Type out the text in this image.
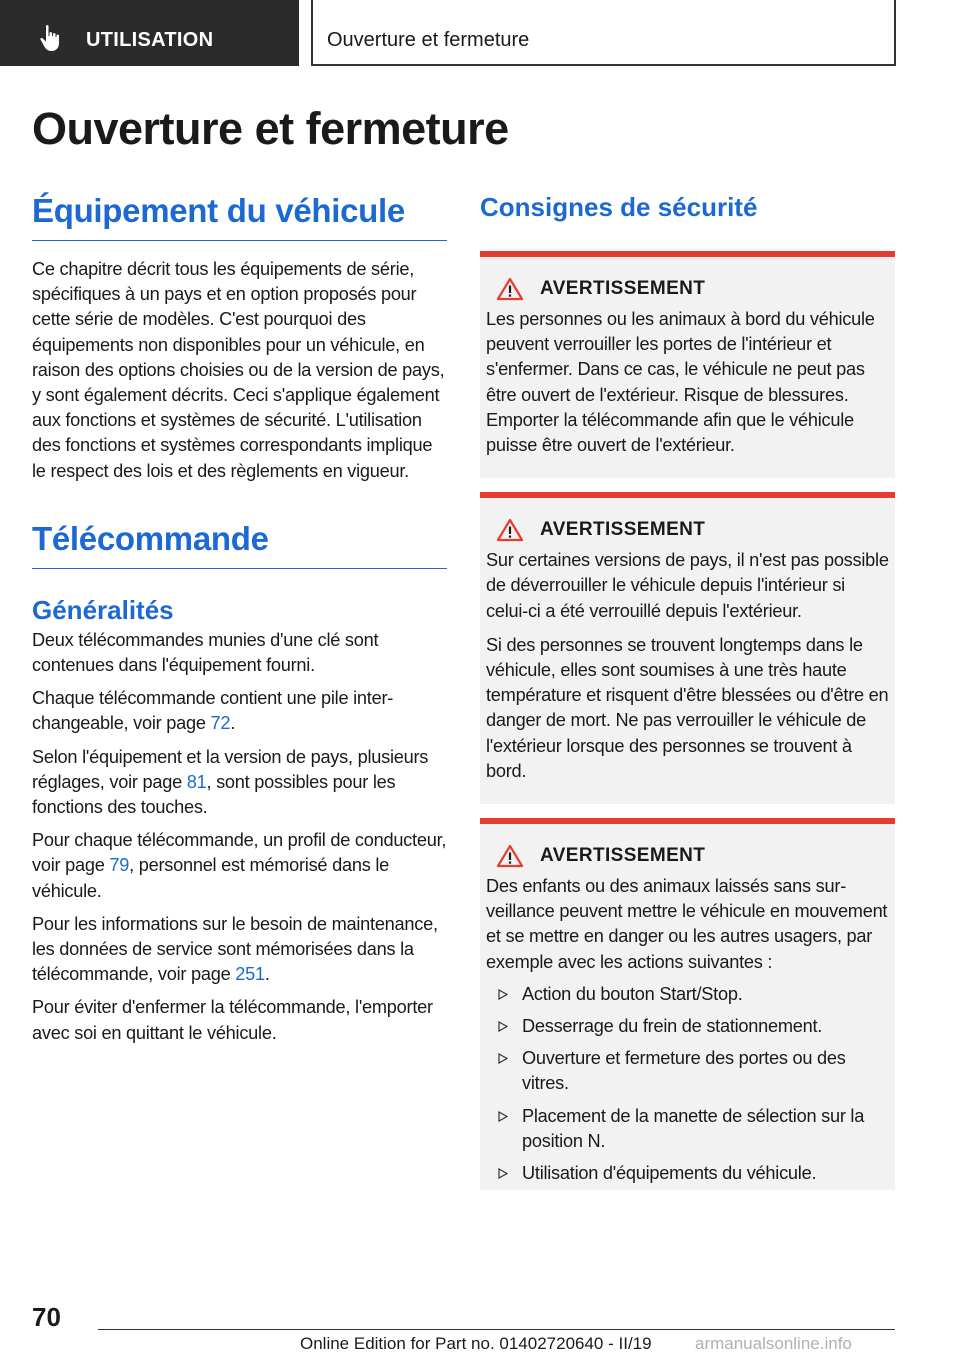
UTILISATION	Ouverture et fermeture
Ouverture et fermeture
Équipement du véhicule

Ce chapitre décrit tous les équipements de série, spécifiques à un pays et en option proposés pour cette série de modèles. C'est pourquoi des équipements non disponibles pour un véhicule, en raison des options choisies ou de la version de pays, y sont également décrits. Ceci s'applique également aux fonctions et systèmes de sécurité. L'utilisation des fonctions et systèmes correspondants implique le respect des lois et des règlements en vigueur.

Télécommande
Généralités

Deux télécommandes munies d'une clé sont contenues dans l'équipement fourni.

Chaque télécommande contient une pile interchangeable, voir page 72.

Selon l'équipement et la version de pays, plusieurs réglages, voir page 81, sont possibles pour les fonctions des touches.

Pour chaque télécommande, un profil de conducteur, voir page 79, personnel est mémorisé dans le véhicule.

Pour les informations sur le besoin de maintenance, les données de service sont mémorisées dans la télécommande, voir page 251.

Pour éviter d'enfermer la télécommande, l'emporter avec soi en quittant le véhicule.

Consignes de sécurité
AVERTISSEMENT

Les personnes ou les animaux à bord du véhicule peuvent verrouiller les portes de l'intérieur et s'enfermer. Dans ce cas, le véhicule ne peut pas être ouvert de l'extérieur. Risque de blessures. Emporter la télécommande afin que le véhicule puisse être ouvert de l'extérieur.

AVERTISSEMENT

Sur certaines versions de pays, il n'est pas possible de déverrouiller le véhicule depuis l'intérieur si celui-ci a été verrouillé depuis l'extérieur.

Si des personnes se trouvent longtemps dans le véhicule, elles sont soumises à une très haute température et risquent d'être blessées ou d'être en danger de mort. Ne pas verrouiller le véhicule de l'extérieur lorsque des personnes se trouvent à bord.

AVERTISSEMENT

Des enfants ou des animaux laissés sans surveillance peuvent mettre le véhicule en mouvement et se mettre en danger ou les autres usagers, par exemple avec les actions suivantes :

Action du bouton Start/Stop.
Desserrage du frein de stationnement.
Ouverture et fermeture des portes ou des vitres.
Placement de la manette de sélection sur la position N.
Utilisation d'équipements du véhicule.
70
Online Edition for Part no. 01402720640 - II/19	armanualsonline.info
